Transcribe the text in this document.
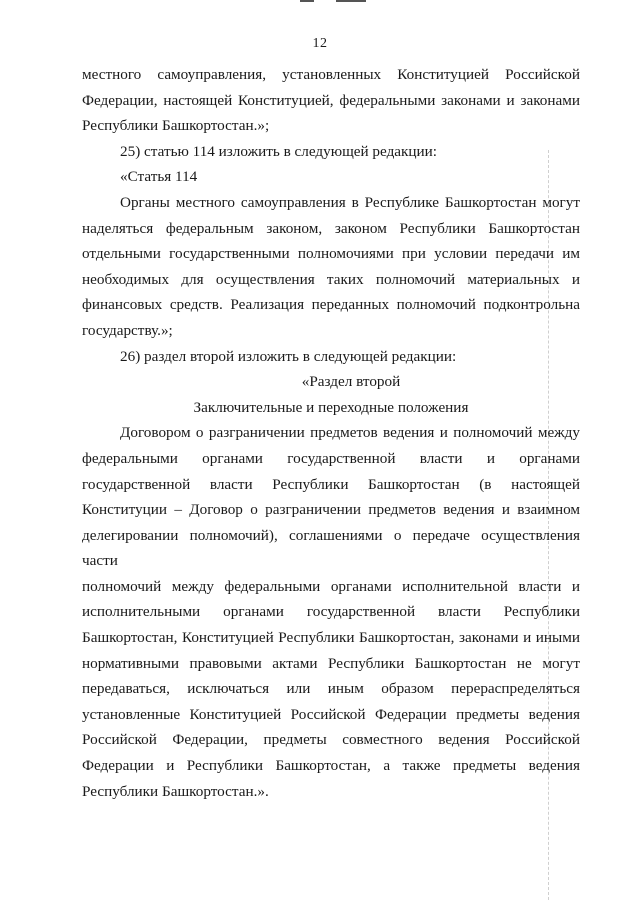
12

местного самоуправления, установленных Конституцией Российской

Федерации, настоящей Конституцией, федеральными законами и законами

Республики Башкортостан.»;

25) статью 114 изложить в следующей редакции:

«Статья 114

Органы местного самоуправления в Республике Башкортостан могут

наделяться федеральным законом, законом Республики Башкортостан

отдельными государственными полномочиями при условии передачи им

необходимых для осуществления таких полномочий материальных и

финансовых средств. Реализация переданных полномочий подконтрольна

государству.»;

26) раздел второй изложить в следующей редакции:

«Раздел второй

Заключительные и переходные положения

Договором о разграничении предметов ведения и полномочий между

федеральными органами государственной власти и органами

государственной власти Республики Башкортостан (в настоящей

Конституции – Договор о разграничении предметов ведения и взаимном

делегировании полномочий), соглашениями о передаче осуществления части

полномочий между федеральными органами исполнительной власти и

исполнительными органами государственной власти Республики

Башкортостан, Конституцией Республики Башкортостан, законами и иными

нормативными правовыми актами Республики Башкортостан не могут

передаваться, исключаться или иным образом перераспределяться

установленные Конституцией Российской Федерации предметы ведения

Российской Федерации, предметы совместного ведения Российской

Федерации и Республики Башкортостан, а также предметы ведения

Республики Башкортостан.».
